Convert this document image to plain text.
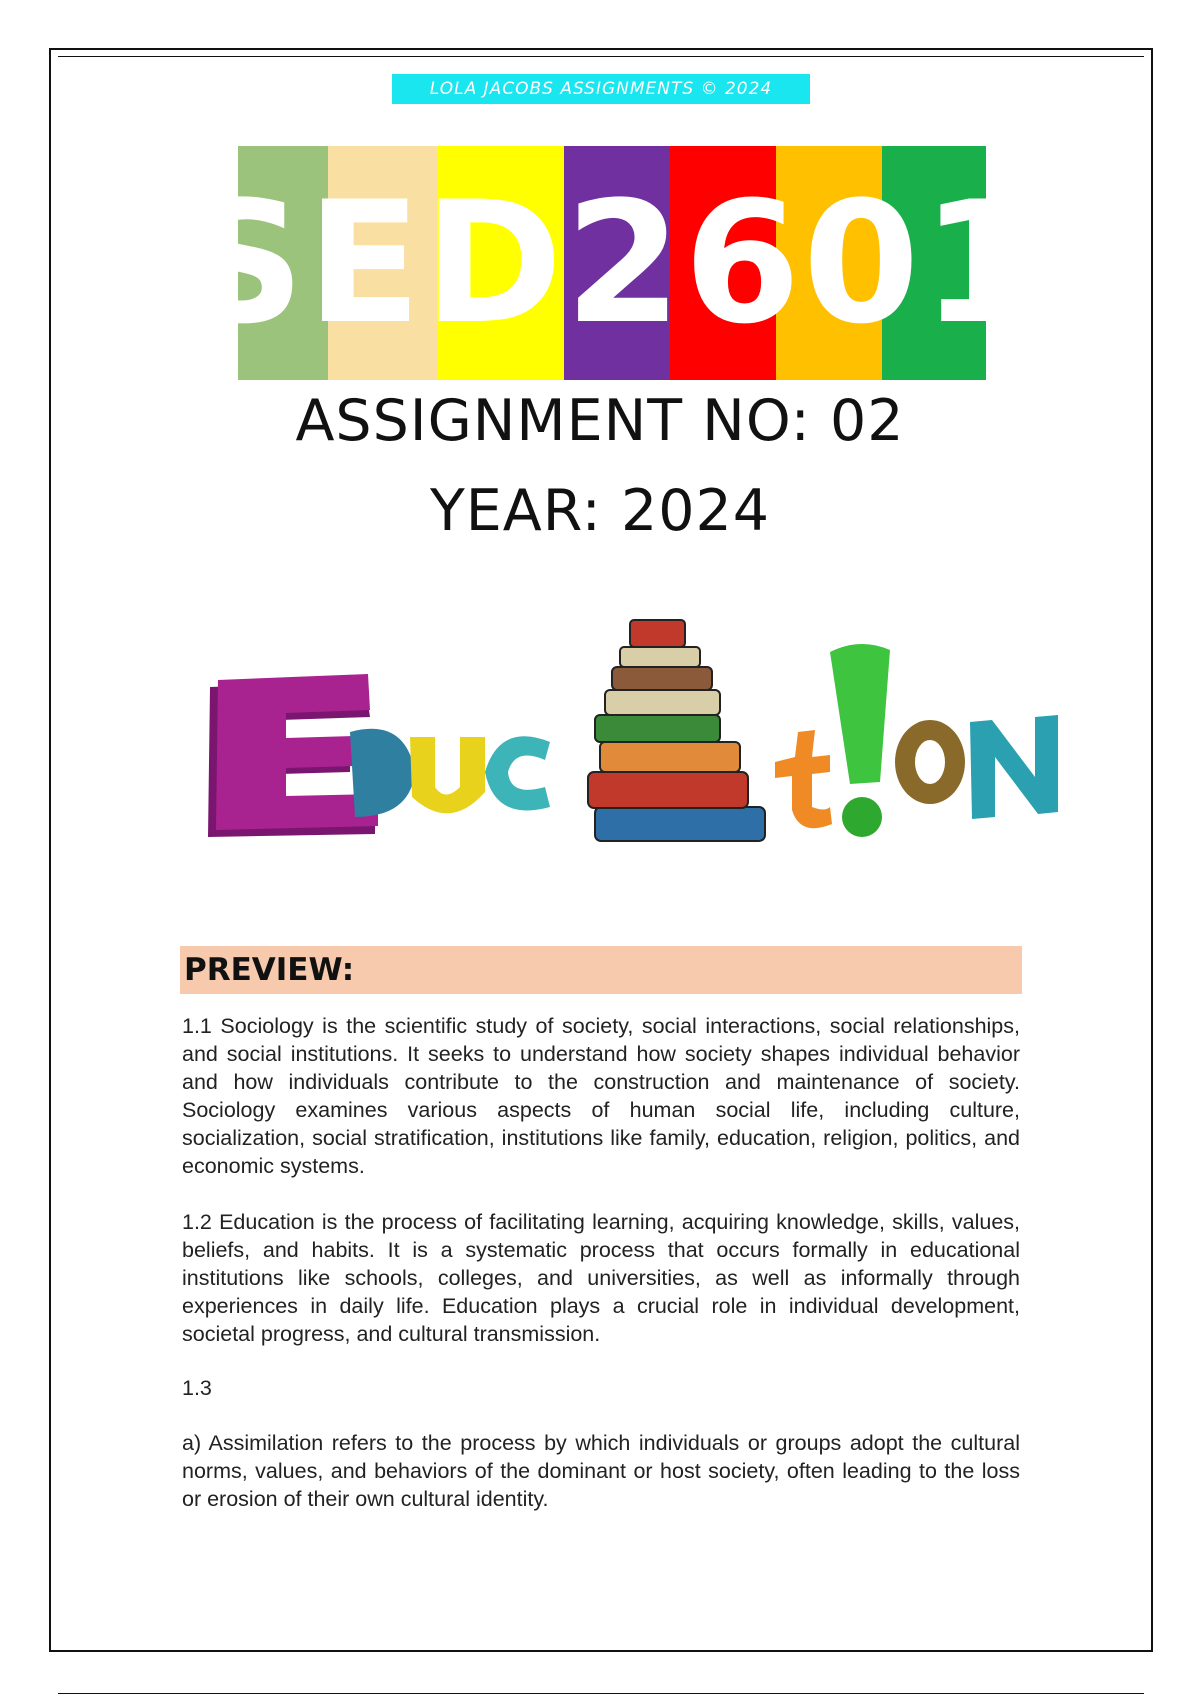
LOLA JACOBS ASSIGNMENTS © 2024
SED2601
ASSIGNMENT NO: 02
YEAR: 2024
PREVIEW:

1.1 Sociology is the scientific study of society, social interactions, social relationships, and social institutions. It seeks to understand how society shapes individual behavior and how individuals contribute to the construction and maintenance of society. Sociology examines various aspects of human social life, including culture, socialization, social stratification, institutions like family, education, religion, politics, and economic systems.

1.2 Education is the process of facilitating learning, acquiring knowledge, skills, values, beliefs, and habits. It is a systematic process that occurs formally in educational institutions like schools, colleges, and universities, as well as informally through experiences in daily life. Education plays a crucial role in individual development, societal progress, and cultural transmission.

1.3

a) Assimilation refers to the process by which individuals or groups adopt the cultural norms, values, and behaviors of the dominant or host society, often leading to the loss or erosion of their own cultural identity.
